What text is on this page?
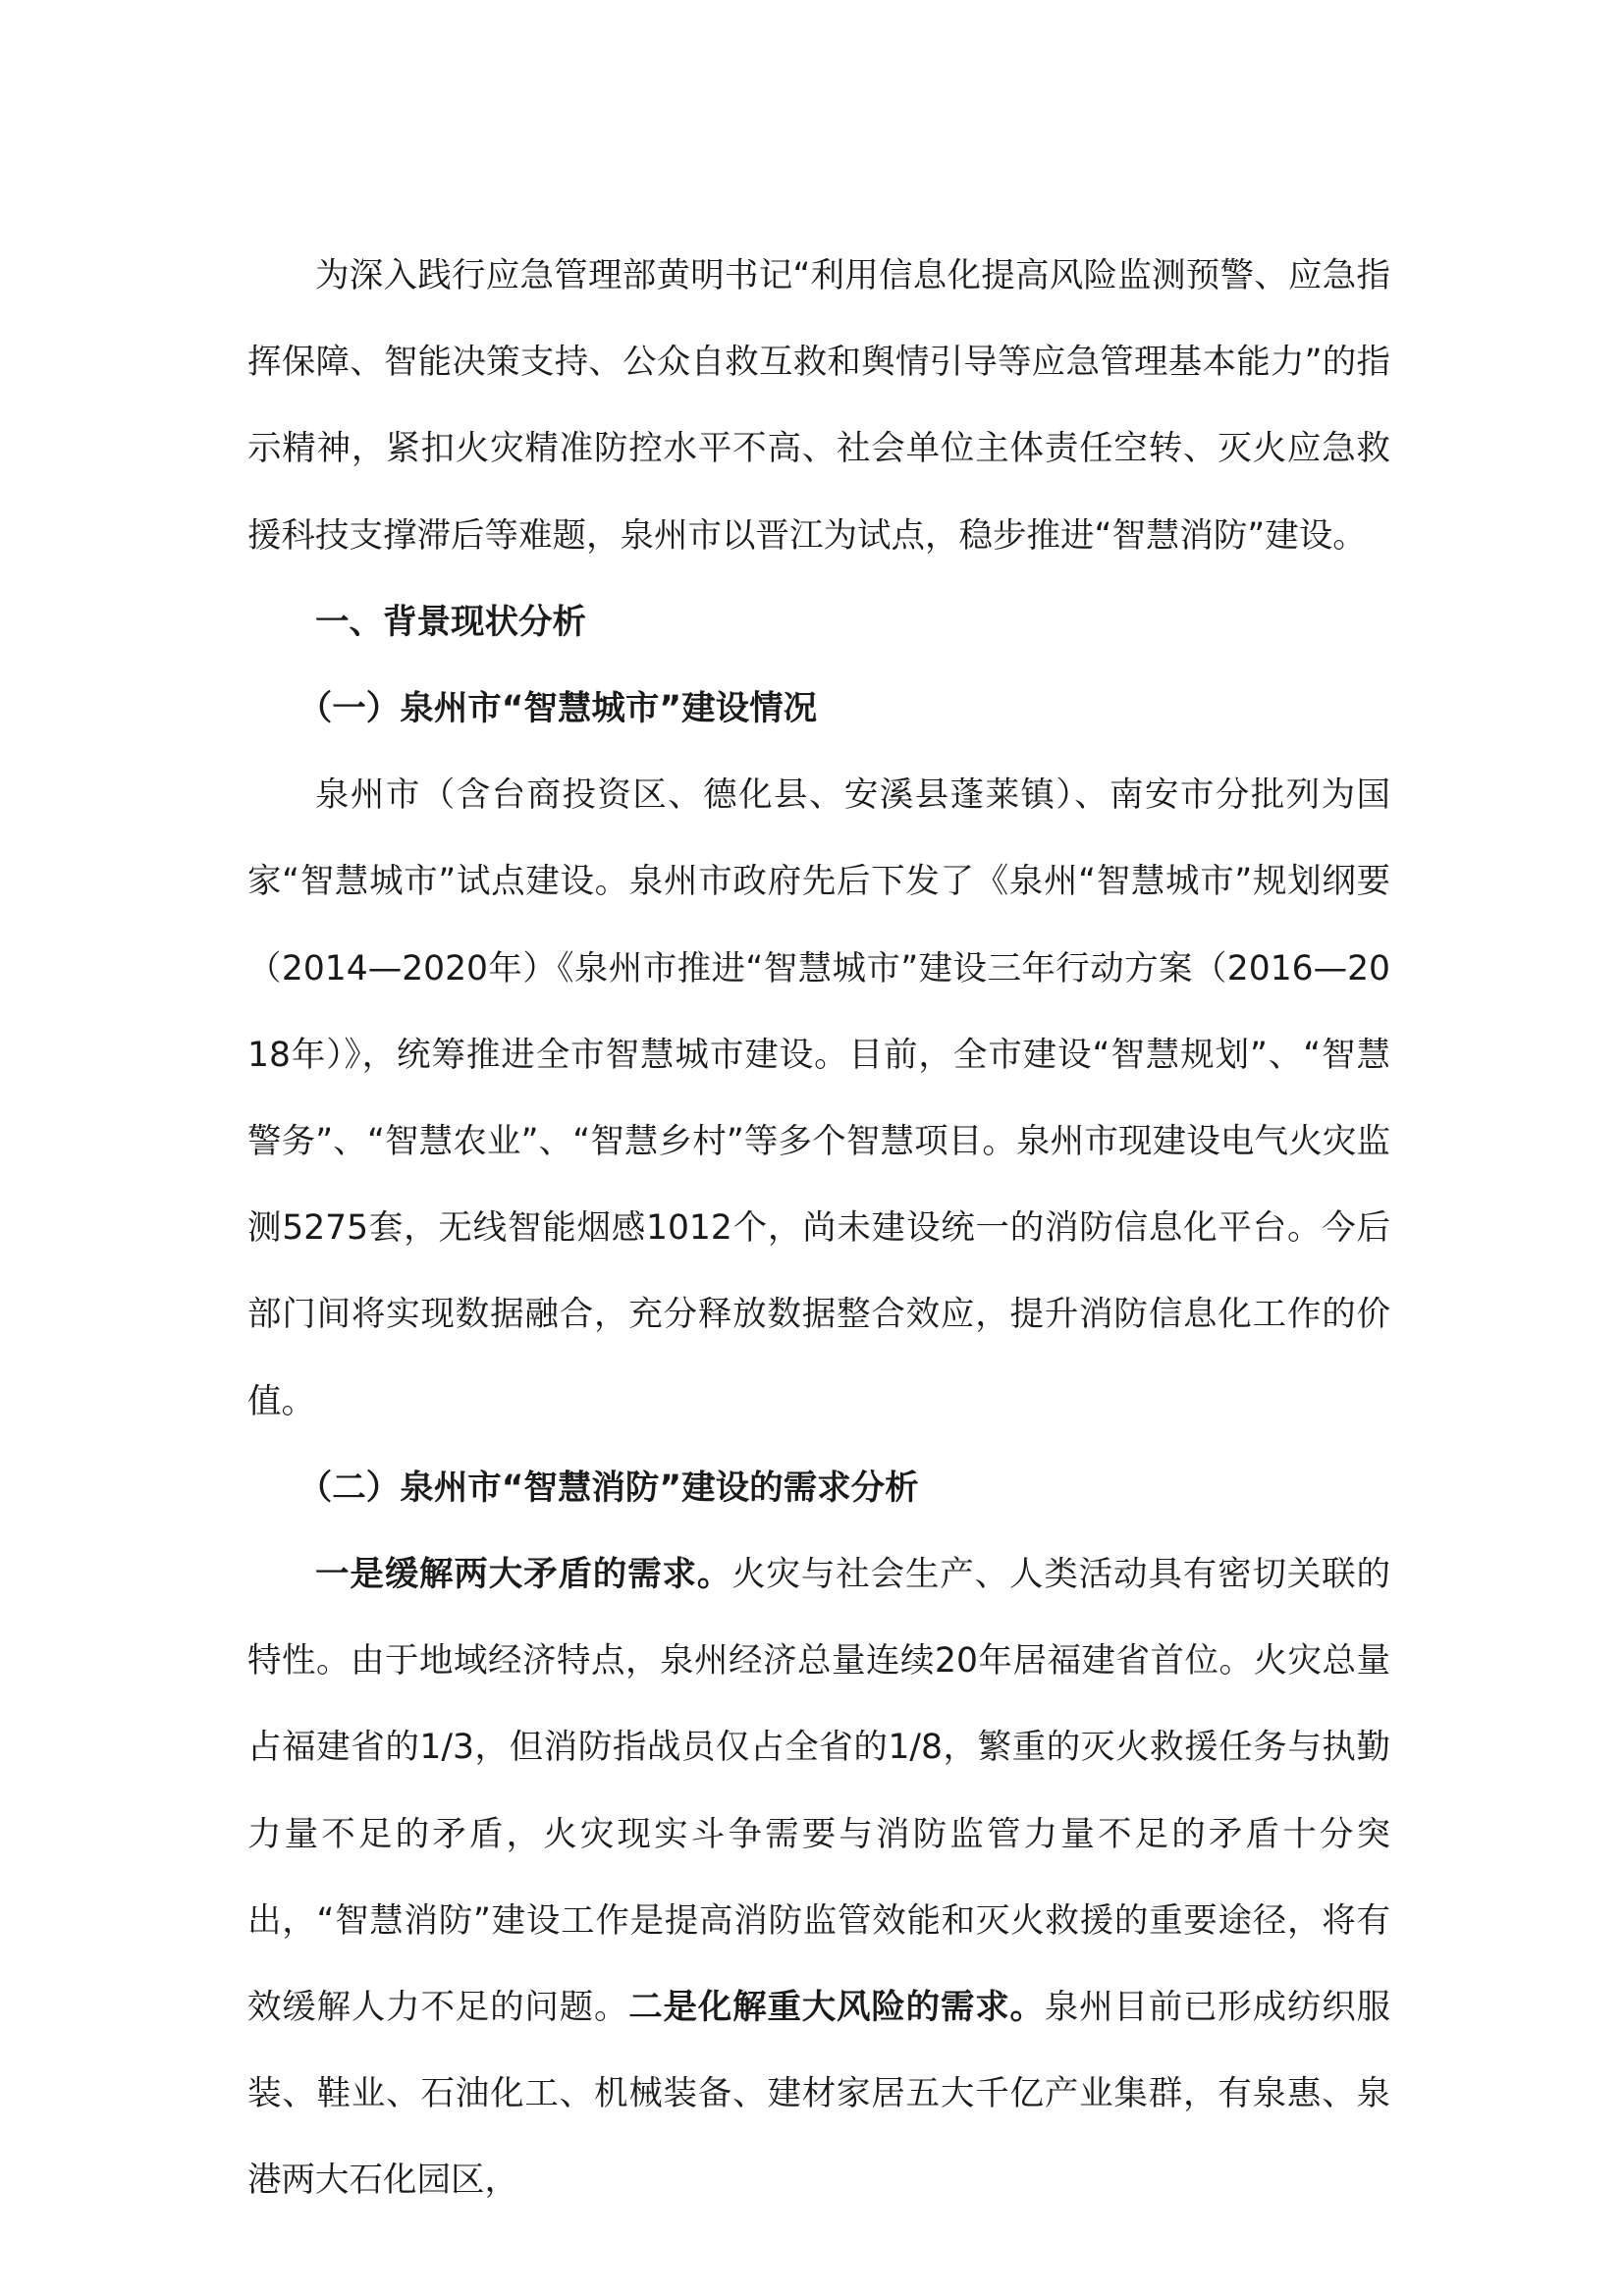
为深入践行应急管理部黄明书记“利用信息化提高风险监测预警、应急指挥保障、智能决策支持、公众自救互救和舆情引导等应急管理基本能力”的指示精神，紧扣火灾精准防控水平不高、社会单位主体责任空转、灭火应急救援科技支撑滞后等难题，泉州市以晋江为试点，稳步推进“智慧消防”建设。

一、背景现状分析

（一）泉州市“智慧城市”建设情况

泉州市（含台商投资区、德化县、安溪县蓬莱镇）、南安市分批列为国家“智慧城市”试点建设。泉州市政府先后下发了《泉州“智慧城市”规划纲要（2014—2020年）《泉州市推进“智慧城市”建设三年行动方案（2016—2018年）》，统筹推进全市智慧城市建设。目前，全市建设“智慧规划”、“智慧警务”、“智慧农业”、“智慧乡村”等多个智慧项目。泉州市现建设电气火灾监测5275套，无线智能烟感1012个，尚未建设统一的消防信息化平台。今后部门间将实现数据融合，充分释放数据整合效应，提升消防信息化工作的价值。

（二）泉州市“智慧消防”建设的需求分析

一是缓解两大矛盾的需求。火灾与社会生产、人类活动具有密切关联的特性。由于地域经济特点，泉州经济总量连续20年居福建省首位。火灾总量占福建省的1/3，但消防指战员仅占全省的1/8，繁重的灭火救援任务与执勤力量不足的矛盾，火灾现实斗争需要与消防监管力量不足的矛盾十分突出，“智慧消防”建设工作是提高消防监管效能和灭火救援的重要途径，将有效缓解人力不足的问题。二是化解重大风险的需求。泉州目前已形成纺织服装、鞋业、石油化工、机械装备、建材家居五大千亿产业集群，有泉惠、泉港两大石化园区，
